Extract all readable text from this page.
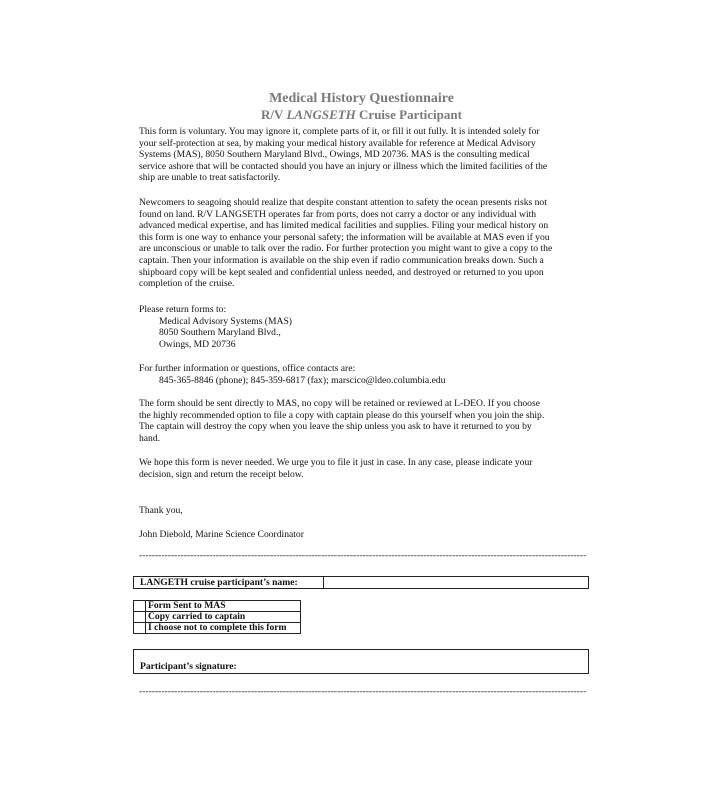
Medical History Questionnaire
R/V LANGSETH Cruise Participant
This form is voluntary. You may ignore it, complete parts of it, or fill it out fully. It is intended solely for
your self-protection at sea, by making your medical history available for reference at Medical Advisory
Systems (MAS), 8050 Southern Maryland Blvd., Owings, MD 20736. MAS is the consulting medical
service ashore that will be contacted should you have an injury or illness which the limited facilities of the
ship are unable to treat satisfactorily.
Newcomers to seagoing should realize that despite constant attention to safety the ocean presents risks not
found on land. R/V LANGSETH operates far from ports, does not carry a doctor or any individual with
advanced medical expertise, and has limited medical facilities and supplies. Filing your medical history on
this form is one way to enhance your personal safety; the information will be available at MAS even if you
are unconscious or unable to talk over the radio. For further protection you might want to give a copy to the
captain. Then your information is available on the ship even if radio communication breaks down. Such a
shipboard copy will be kept sealed and confidential unless needed, and destroyed or returned to you upon
completion of the cruise.
Please return forms to:
Medical Advisory Systems (MAS)
8050 Southern Maryland Blvd.,
Owings, MD 20736
For further information or questions, office contacts are:
845-365-8846 (phone); 845-359-6817 (fax); marscico@ldeo.columbia.edu
The form should be sent directly to MAS, no copy will be retained or reviewed at L-DEO. If you choose
the highly recommended option to file a copy with captain please do this yourself when you join the ship.
The captain will destroy the copy when you leave the ship unless you ask to have it returned to you by
hand.
We hope this form is never needed. We urge you to file it just in case. In any case, please indicate your
decision, sign and return the receipt below.
Thank you,
John Diebold, Marine Science Coordinator
--------------------------------------------------------------------------------------------------------------------------------------------
LANGETH cruise participant’s name:
	Form Sent to MAS
	Copy carried to captain
	I choose not to complete this form
Participant’s signature:
--------------------------------------------------------------------------------------------------------------------------------------------
